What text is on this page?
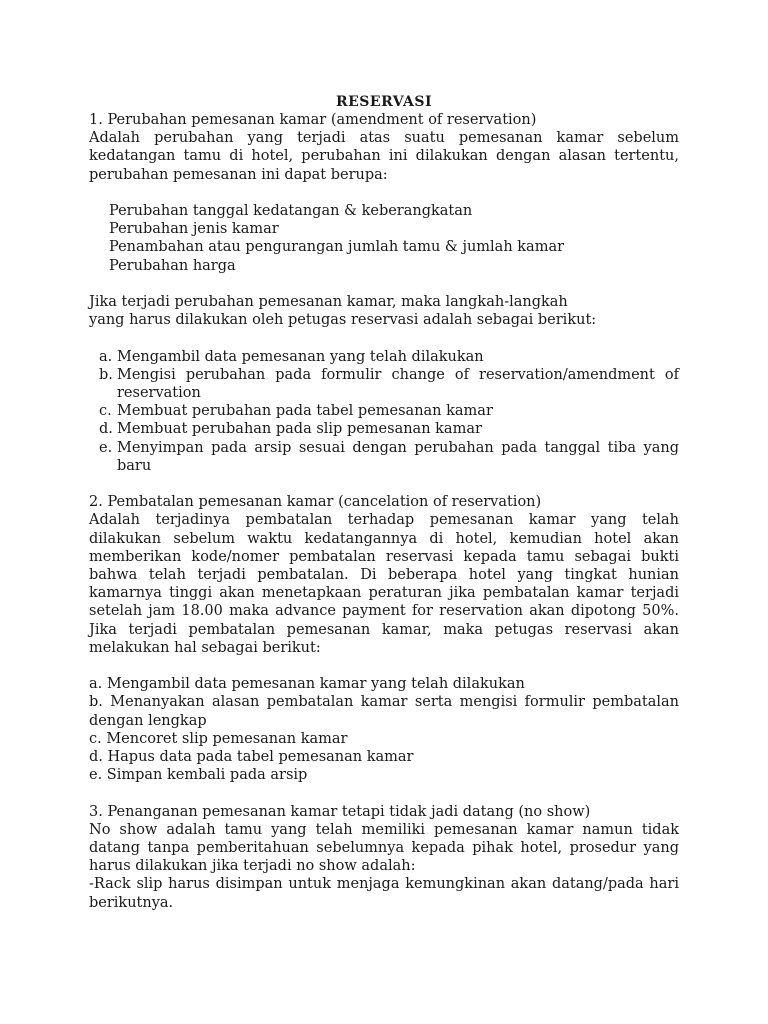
RESERVASI

1. Perubahan pemesanan kamar (amendment of reservation)

Adalah perubahan yang terjadi atas suatu pemesanan kamar sebelum kedatangan tamu di hotel, perubahan ini dilakukan dengan alasan tertentu, perubahan pemesanan ini dapat berupa:

Perubahan tanggal kedatangan & keberangkatan
Perubahan jenis kamar
Penambahan atau pengurangan jumlah tamu & jumlah kamar
Perubahan harga

Jika terjadi perubahan pemesanan kamar, maka langkah-langkah

yang harus dilakukan oleh petugas reservasi adalah sebagai berikut:

a. Mengambil data pemesanan yang telah dilakukan
b. Mengisi perubahan pada formulir change of reservation/amendment of reservation
c. Membuat perubahan pada tabel pemesanan kamar
d. Membuat perubahan pada slip pemesanan kamar
e. Menyimpan pada arsip sesuai dengan perubahan pada tanggal tiba yang baru

2. Pembatalan pemesanan kamar (cancelation of reservation)

Adalah terjadinya pembatalan terhadap pemesanan kamar yang telah dilakukan sebelum waktu kedatangannya di hotel, kemudian hotel akan memberikan kode/nomer pembatalan reservasi kepada tamu sebagai bukti bahwa telah terjadi pembatalan. Di beberapa hotel yang tingkat hunian kamarnya tinggi akan menetapkaan peraturan jika pembatalan kamar terjadi setelah jam 18.00 maka advance payment for reservation akan dipotong 50%. Jika terjadi pembatalan pemesanan kamar, maka petugas reservasi akan melakukan hal sebagai berikut:

a. Mengambil data pemesanan kamar yang telah dilakukan
b. Menanyakan alasan pembatalan kamar serta mengisi formulir pembatalan dengan lengkap
c. Mencoret slip pemesanan kamar
d. Hapus data pada tabel pemesanan kamar
e. Simpan kembali pada arsip

3. Penanganan pemesanan kamar tetapi tidak jadi datang (no show)

No show adalah tamu yang telah memiliki pemesanan kamar namun tidak datang tanpa pemberitahuan sebelumnya kepada pihak hotel, prosedur yang harus dilakukan jika terjadi no show adalah:

-Rack slip harus disimpan untuk menjaga kemungkinan akan datang/pada hari berikutnya.
